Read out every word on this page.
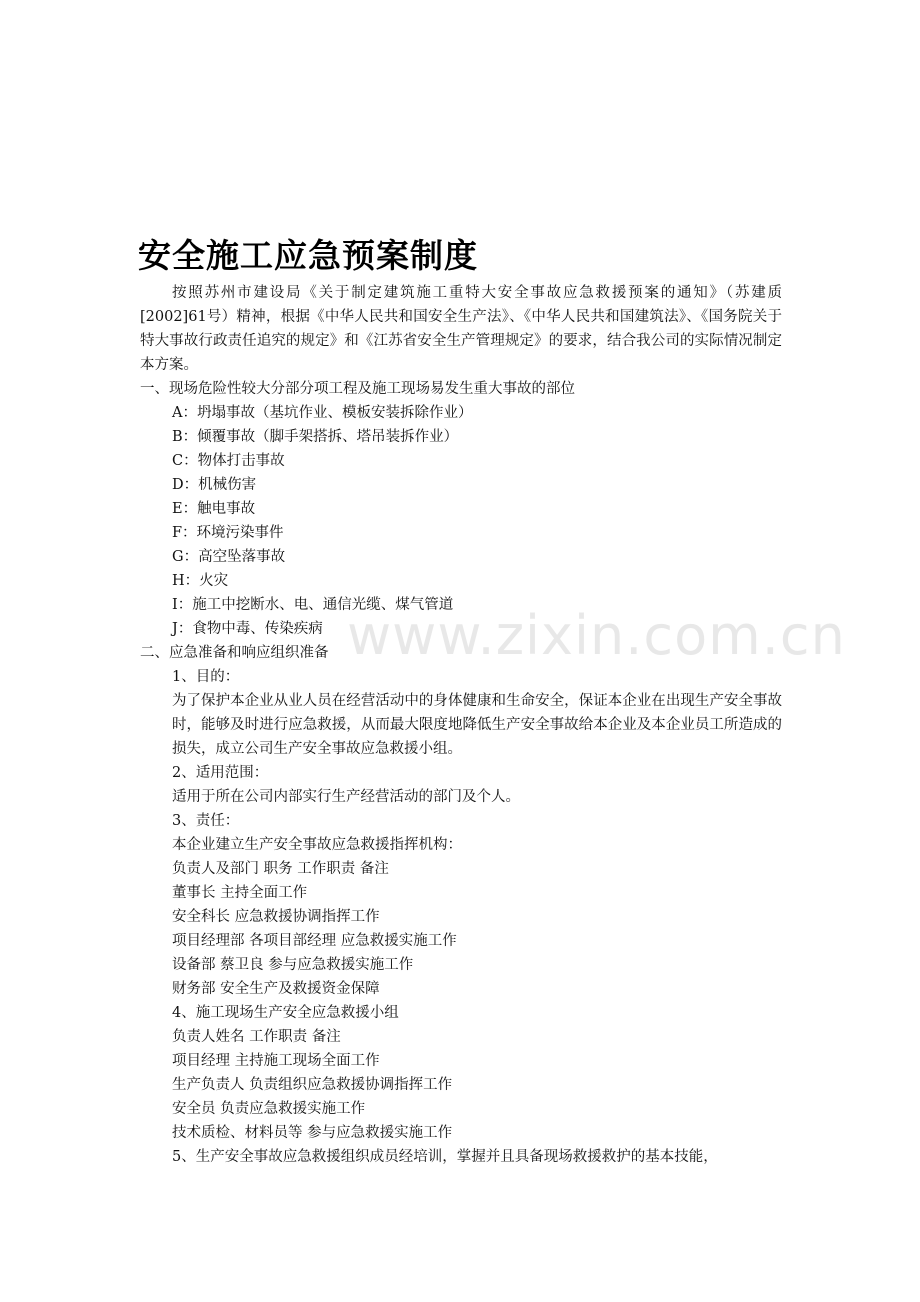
安全施工应急预案制度
按照苏州市建设局《关于制定建筑施工重特大安全事故应急救援预案的通知》（苏建质[2002]61号）精神，根据《中华人民共和国安全生产法》、《中华人民共和国建筑法》、《国务院关于特大事故行政责任追究的规定》和《江苏省安全生产管理规定》的要求，结合我公司的实际情况制定本方案。
一、现场危险性较大分部分项工程及施工现场易发生重大事故的部位
A：坍塌事故（基坑作业、模板安装拆除作业）
B：倾覆事故（脚手架搭拆、塔吊装拆作业）
C：物体打击事故
D：机械伤害
E：触电事故
F：环境污染事件
G：高空坠落事故
H：火灾
I：施工中挖断水、电、通信光缆、煤气管道
J：食物中毒、传染疾病
二、应急准备和响应组织准备
1、目的：
为了保护本企业从业人员在经营活动中的身体健康和生命安全，保证本企业在出现生产安全事故时，能够及时进行应急救援，从而最大限度地降低生产安全事故给本企业及本企业员工所造成的损失，成立公司生产安全事故应急救援小组。
2、适用范围：
适用于所在公司内部实行生产经营活动的部门及个人。
3、责任：
本企业建立生产安全事故应急救援指挥机构：
负责人及部门 职务 工作职责 备注
董事长 主持全面工作
安全科长 应急救援协调指挥工作
项目经理部 各项目部经理 应急救援实施工作
设备部 蔡卫良 参与应急救援实施工作
财务部 安全生产及救援资金保障
4、施工现场生产安全应急救援小组
负责人姓名 工作职责 备注
项目经理 主持施工现场全面工作
生产负责人 负责组织应急救援协调指挥工作
安全员 负责应急救援实施工作
技术质检、材料员等 参与应急救援实施工作
5、生产安全事故应急救援组织成员经培训，掌握并且具备现场救援救护的基本技能，
www.zixin.com.cn
